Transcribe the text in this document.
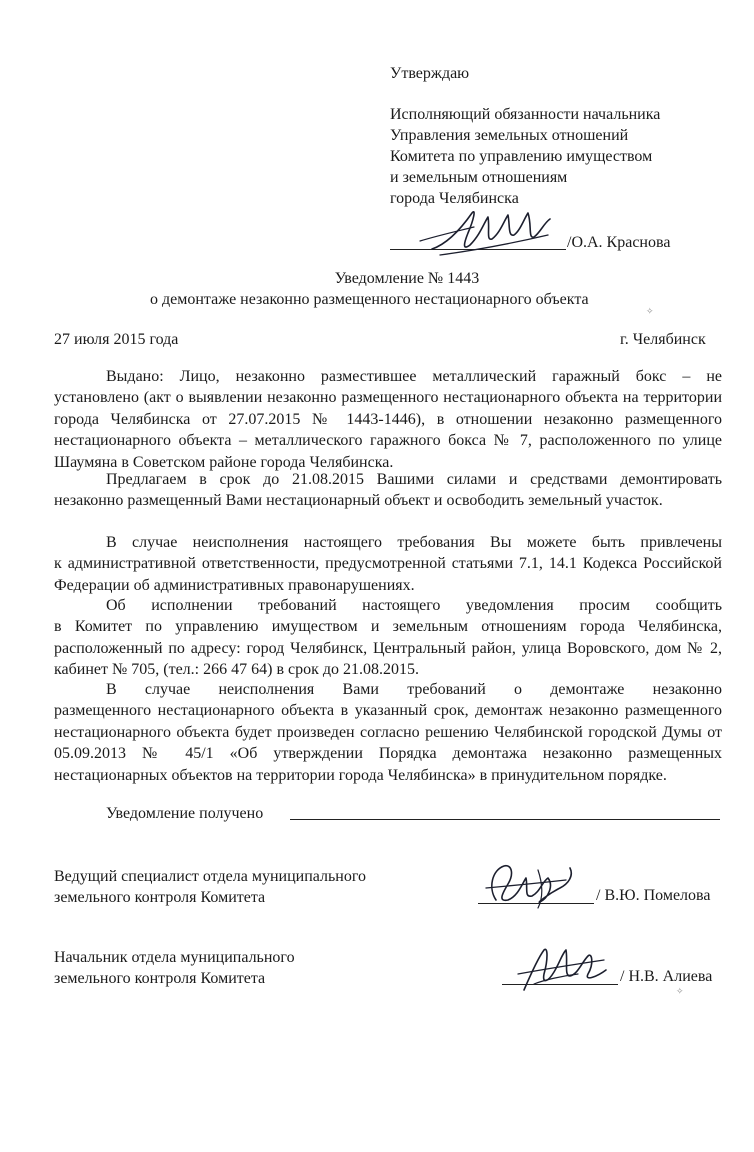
Утверждаю
Исполняющий обязанности начальника
Управления земельных отношений
Комитета по управлению имуществом
и земельным отношениям
города Челябинска
/О.А. Краснова
Уведомление № 1443
о демонтаже незаконно размещенного нестационарного объекта
27 июля 2015 года	г. Челябинск
Выдано: Лицо, незаконно разместившее металлический гаражный бокс – не
установлено (акт о выявлении незаконно размещенного нестационарного объекта на территории города Челябинска от 27.07.2015 № 1443-1446), в отношении незаконно размещенного нестационарного объекта – металлического гаражного бокса № 7, расположенного по улице Шаумяна в Советском районе города Челябинска.
Предлагаем в срок до 21.08.2015 Вашими силами и средствами демонтировать
незаконно размещенный Вами нестационарный объект и освободить земельный участок.
В случае неисполнения настоящего требования Вы можете быть привлечены
к административной ответственности, предусмотренной статьями 7.1, 14.1 Кодекса Российской Федерации об административных правонарушениях.
Об исполнении требований настоящего уведомления просим сообщить
в Комитет по управлению имуществом и земельным отношениям города Челябинска, расположенный по адресу: город Челябинск, Центральный район, улица Воровского, дом № 2, кабинет № 705, (тел.: 266 47 64) в срок до 21.08.2015.
В случае неисполнения Вами требований о демонтаже незаконно
размещенного нестационарного объекта в указанный срок, демонтаж незаконно размещенного нестационарного объекта будет произведен согласно решению Челябинской городской Думы от 05.09.2013 № 45/1 «Об утверждении Порядка демонтажа незаконно размещенных нестационарных объектов на территории города Челябинска» в принудительном порядке.
Уведомление получено
Ведущий специалист отдела муниципального
земельного контроля Комитета	/ В.Ю. Помелова
Начальник отдела муниципального
земельного контроля Комитета	/ Н.В. Алиева
✧
✧
